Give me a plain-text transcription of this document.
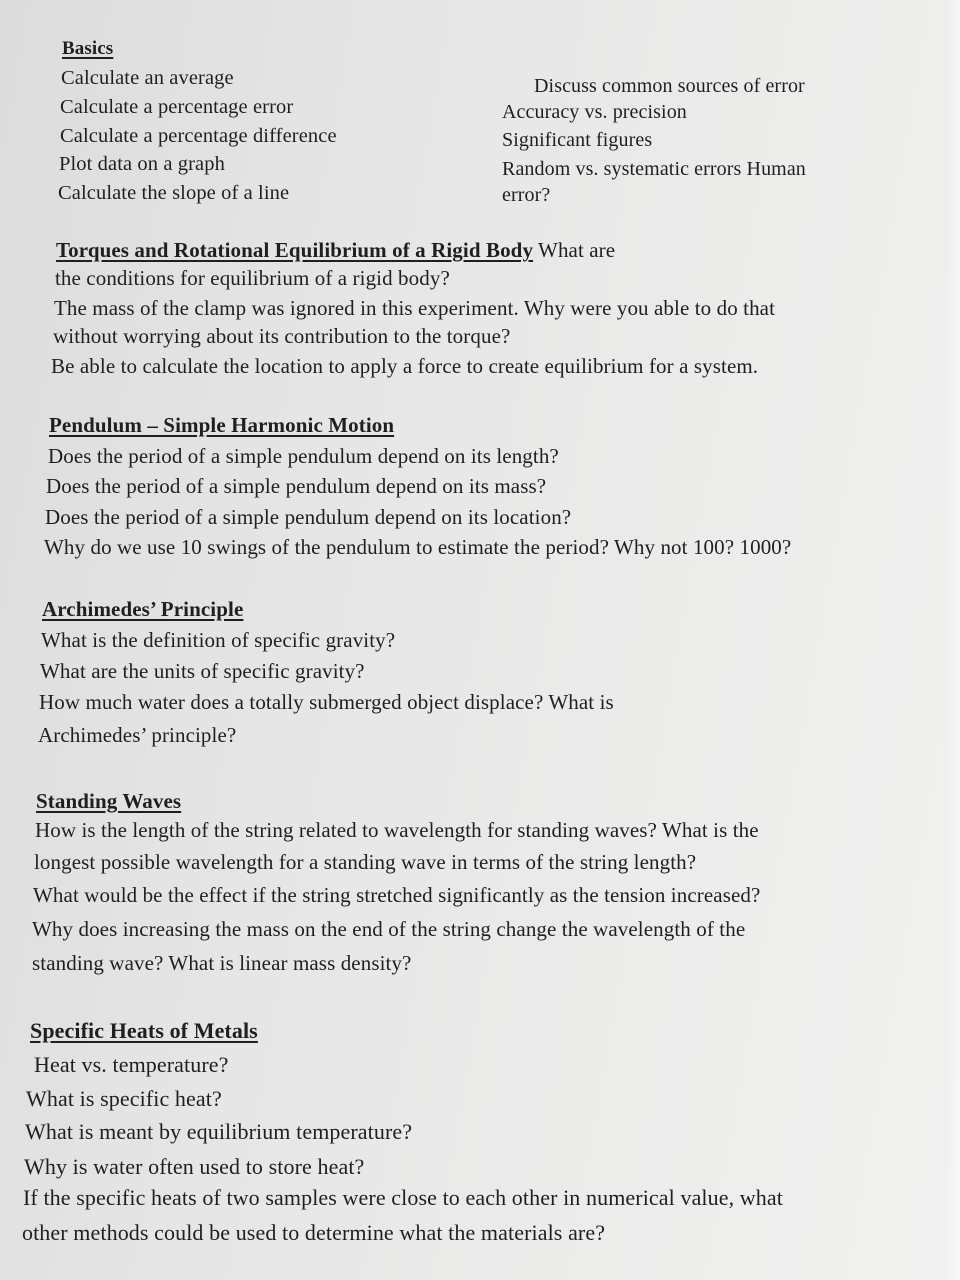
Basics
Calculate an average
Calculate a percentage error
Calculate a percentage difference
Plot data on a graph
Calculate the slope of a line
Discuss common sources of error
Accuracy vs. precision
Significant figures
Random vs. systematic errors Human
error?
Torques and Rotational Equilibrium of a Rigid Body What are
the conditions for equilibrium of a rigid body?
The mass of the clamp was ignored in this experiment. Why were you able to do that
without worrying about its contribution to the torque?
Be able to calculate the location to apply a force to create equilibrium for a system.
Pendulum – Simple Harmonic Motion
Does the period of a simple pendulum depend on its length?
Does the period of a simple pendulum depend on its mass?
Does the period of a simple pendulum depend on its location?
Why do we use 10 swings of the pendulum to estimate the period? Why not 100? 1000?
Archimedes’ Principle
What is the definition of specific gravity?
What are the units of specific gravity?
How much water does a totally submerged object displace? What is
Archimedes’ principle?
Standing Waves
How is the length of the string related to wavelength for standing waves? What is the
longest possible wavelength for a standing wave in terms of the string length?
What would be the effect if the string stretched significantly as the tension increased?
Why does increasing the mass on the end of the string change the wavelength of the
standing wave? What is linear mass density?
Specific Heats of Metals
Heat vs. temperature?
What is specific heat?
What is meant by equilibrium temperature?
Why is water often used to store heat?
If the specific heats of two samples were close to each other in numerical value, what
other methods could be used to determine what the materials are?
